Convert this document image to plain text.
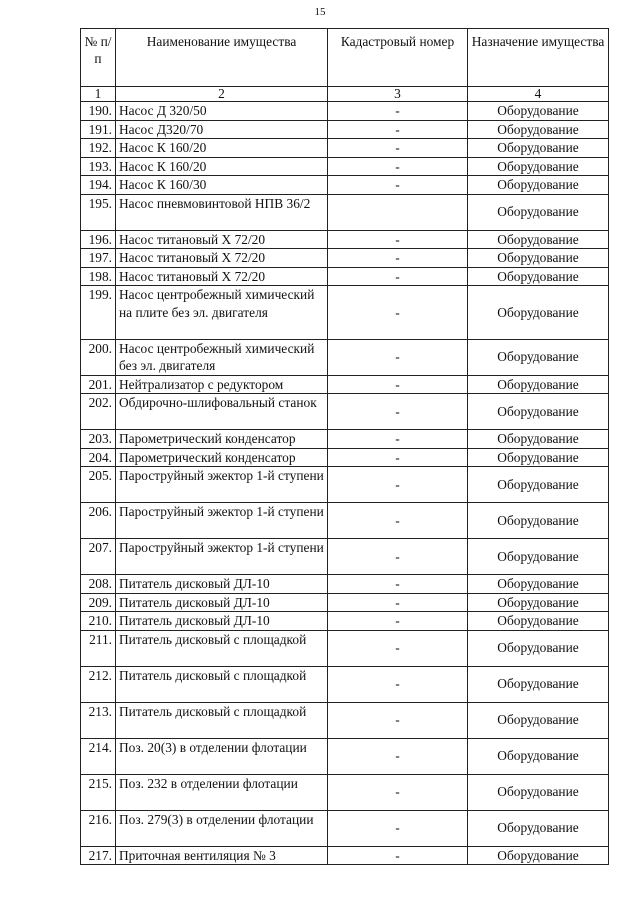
15
№ п/п	Наименование имущества	Кадастровый номер	Назначение имущества
1	2	3	4
190.	Насос Д 320/50	-	Оборудование
191.	Насос Д320/70	-	Оборудование
192.	Насос К 160/20	-	Оборудование
193.	Насос К 160/20	-	Оборудование
194.	Насос К 160/30	-	Оборудование
195.	Насос пневмовинтовой НПВ 36/2		Оборудование
196.	Насос титановый Х 72/20	-	Оборудование
197.	Насос титановый Х 72/20	-	Оборудование
198.	Насос титановый Х 72/20	-	Оборудование
199.	Насос центробежный химический на плите без эл. двигателя	-	Оборудование
200.	Насос центробежный химический без эл. двигателя	-	Оборудование
201.	Нейтрализатор с редуктором	-	Оборудование
202.	Обдирочно-шлифовальный станок	-	Оборудование
203.	Парометрический конденсатор	-	Оборудование
204.	Парометрический конденсатор	-	Оборудование
205.	Пароструйный эжектор 1-й ступени	-	Оборудование
206.	Пароструйный эжектор 1-й ступени	-	Оборудование
207.	Пароструйный эжектор 1-й ступени	-	Оборудование
208.	Питатель дисковый ДЛ-10	-	Оборудование
209.	Питатель дисковый ДЛ-10	-	Оборудование
210.	Питатель дисковый ДЛ-10	-	Оборудование
211.	Питатель дисковый с площадкой	-	Оборудование
212.	Питатель дисковый с площадкой	-	Оборудование
213.	Питатель дисковый с площадкой	-	Оборудование
214.	Поз. 20(3) в отделении флотации	-	Оборудование
215.	Поз. 232 в отделении флотации	-	Оборудование
216.	Поз. 279(3) в отделении флотации	-	Оборудование
217.	Приточная вентиляция № 3	-	Оборудование
